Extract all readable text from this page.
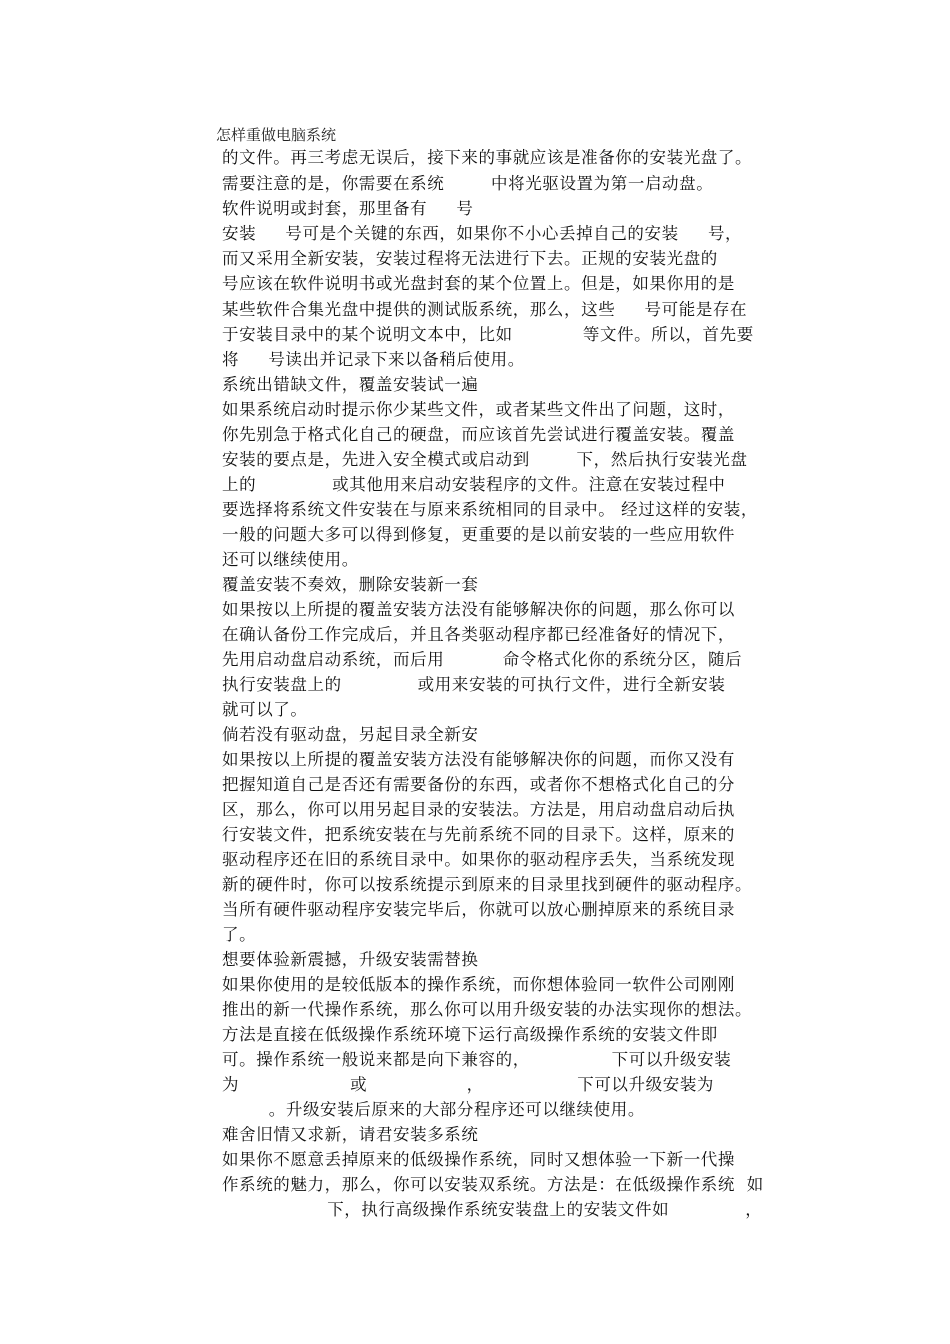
怎样重做电脑系统
的文件。再三考虑无误后，接下来的事就应该是准备你的安装光盘了。
需要注意的是，你需要在系统        中将光驱设置为第一启动盘。
软件说明或封套，那里备有     号
安装     号可是个关键的东西，如果你不小心丢掉自己的安装     号，
而又采用全新安装，安装过程将无法进行下去。正规的安装光盘的
号应该在软件说明书或光盘封套的某个位置上。但是，如果你用的是
某些软件合集光盘中提供的测试版系统，那么，这些     号可能是存在
于安装目录中的某个说明文本中，比如            等文件。所以，首先要
将     号读出并记录下来以备稍后使用。
系统出错缺文件，覆盖安装试一遍
如果系统启动时提示你少某些文件，或者某些文件出了问题，这时，
你先别急于格式化自己的硬盘，而应该首先尝试进行覆盖安装。覆盖
安装的要点是，先进入安全模式或启动到        下，然后执行安装光盘
上的             或其他用来启动安装程序的文件。注意在安装过程中
要选择将系统文件安装在与原来系统相同的目录中。 经过这样的安装，
一般的问题大多可以得到修复，更重要的是以前安装的一些应用软件
还可以继续使用。
覆盖安装不奏效，删除安装新一套
如果按以上所提的覆盖安装方法没有能够解决你的问题，那么你可以
在确认备份工作完成后，并且各类驱动程序都已经准备好的情况下，
先用启动盘启动系统，而后用          命令格式化你的系统分区，随后
执行安装盘上的             或用来安装的可执行文件，进行全新安装
就可以了。
倘若没有驱动盘，另起目录全新安
如果按以上所提的覆盖安装方法没有能够解决你的问题，而你又没有
把握知道自己是否还有需要备份的东西，或者你不想格式化自己的分
区，那么，你可以用另起目录的安装法。方法是，用启动盘启动后执
行安装文件，把系统安装在与先前系统不同的目录下。这样，原来的
驱动程序还在旧的系统目录中。如果你的驱动程序丢失，当系统发现
新的硬件时，你可以按系统提示到原来的目录里找到硬件的驱动程序。
当所有硬件驱动程序安装完毕后，你就可以放心删掉原来的系统目录
了。
想要体验新震撼，升级安装需替换
如果你使用的是较低版本的操作系统，而你想体验同一软件公司刚刚
推出的新一代操作系统，那么你可以用升级安装的办法实现你的想法。
方法是直接在低级操作系统环境下运行高级操作系统的安装文件即
可。操作系统一般说来都是向下兼容的，              下可以升级安装
为                   或                 ，                下可以升级安装为
。升级安装后原来的大部分程序还可以继续使用。
难舍旧情又求新，请君安装多系统
如果你不愿意丢掉原来的低级操作系统，同时又想体验一下新一代操
作系统的魅力，那么，你可以安装双系统。方法是：在低级操作系统  如
下，执行高级操作系统安装盘上的安装文件如             ，
